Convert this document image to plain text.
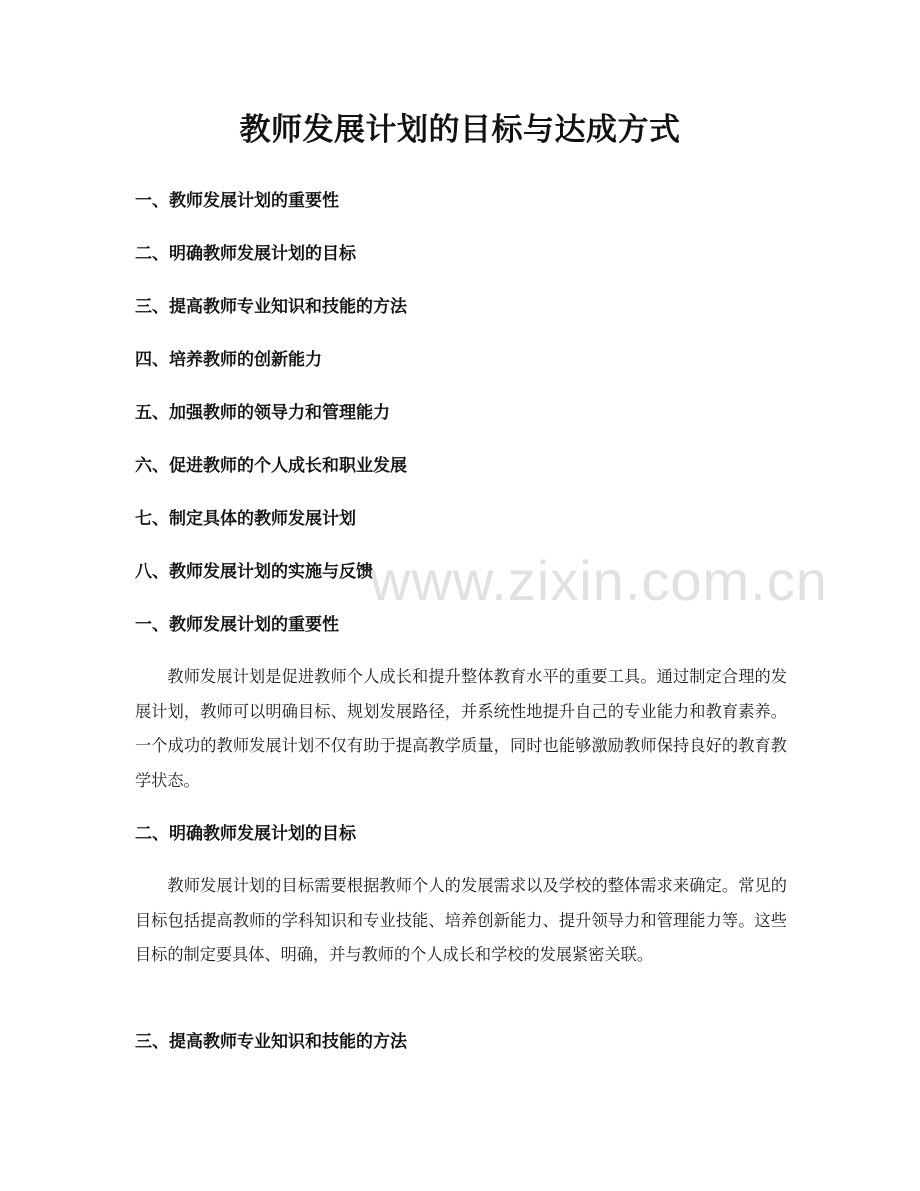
教师发展计划的目标与达成方式
一、教师发展计划的重要性
二、明确教师发展计划的目标
三、提高教师专业知识和技能的方法
四、培养教师的创新能力
五、加强教师的领导力和管理能力
六、促进教师的个人成长和职业发展
七、制定具体的教师发展计划
八、教师发展计划的实施与反馈
一、教师发展计划的重要性

教师发展计划是促进教师个人成长和提升整体教育水平的重要工具。通过制定合理的发展计划，教师可以明确目标、规划发展路径，并系统性地提升自己的专业能力和教育素养。一个成功的教师发展计划不仅有助于提高教学质量，同时也能够激励教师保持良好的教育教学状态。

二、明确教师发展计划的目标

教师发展计划的目标需要根据教师个人的发展需求以及学校的整体需求来确定。常见的目标包括提高教师的学科知识和专业技能、培养创新能力、提升领导力和管理能力等。这些目标的制定要具体、明确，并与教师的个人成长和学校的发展紧密关联。

三、提高教师专业知识和技能的方法
www.zixin.com.cn
